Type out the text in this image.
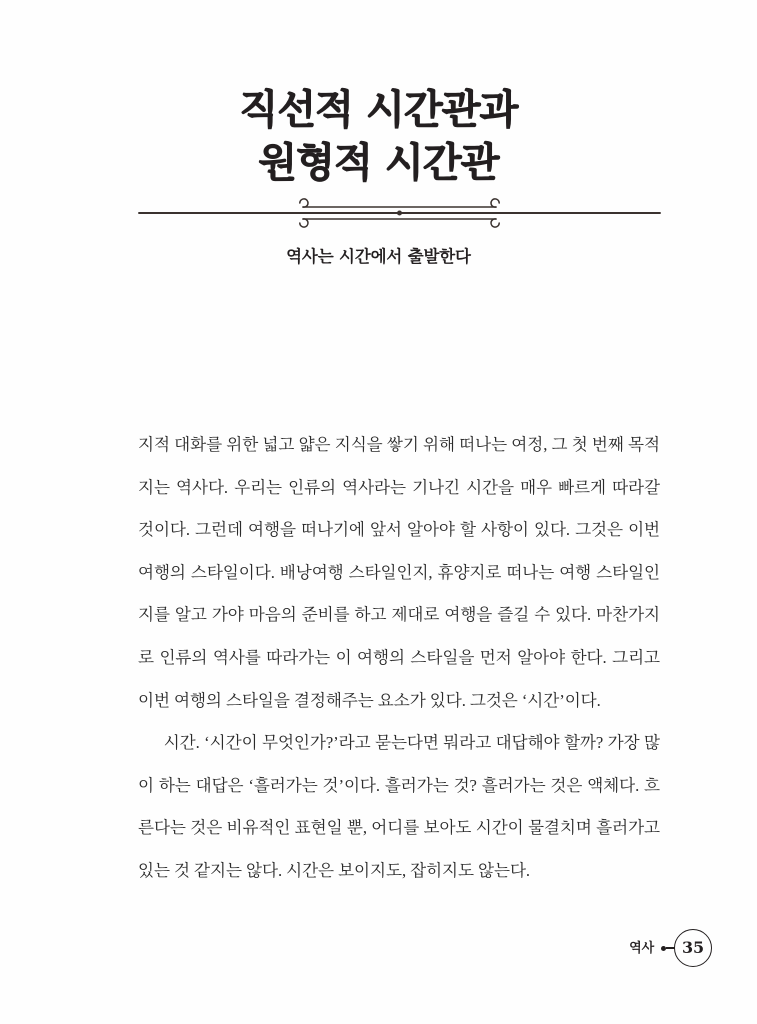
직선적 시간관과
원형적 시간관
역사는 시간에서 출발한다

지적 대화를 위한 넓고 얇은 지식을 쌓기 위해 떠나는 여정, 그 첫 번째 목적지는 역사다. 우리는 인류의 역사라는 기나긴 시간을 매우 빠르게 따라갈 것이다. 그런데 여행을 떠나기에 앞서 알아야 할 사항이 있다. 그것은 이번 여행의 스타일이다. 배낭여행 스타일인지, 휴양지로 떠나는 여행 스타일인지를 알고 가야 마음의 준비를 하고 제대로 여행을 즐길 수 있다. 마찬가지로 인류의 역사를 따라가는 이 여행의 스타일을 먼저 알아야 한다. 그리고 이번 여행의 스타일을 결정해주는 요소가 있다. 그것은 ‘시간’이다.

시간. ‘시간이 무엇인가?’라고 묻는다면 뭐라고 대답해야 할까? 가장 많이 하는 대답은 ‘흘러가는 것’이다. 흘러가는 것? 흘러가는 것은 액체다. 흐른다는 것은 비유적인 표현일 뿐, 어디를 보아도 시간이 물결치며 흘러가고 있는 것 같지는 않다. 시간은 보이지도, 잡히지도 않는다.

역사 35
